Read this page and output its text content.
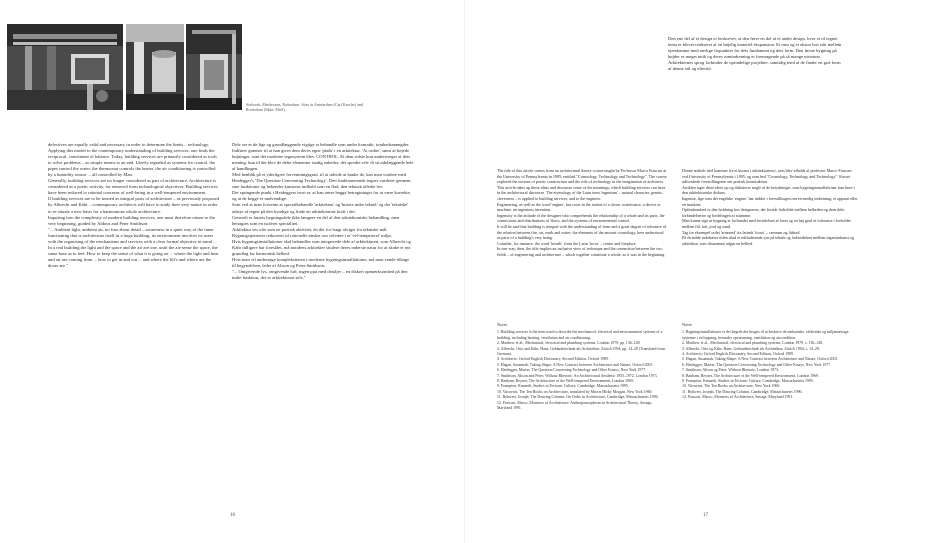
Stalwerk, Meulevaart, Rotterdam. Sites in Amsterdam (Carl Kessler) and Rotterdam (Ilkke, MuS).

defectives are equally valid and necessary in order to determine the limits – technology.

Applying this model to the contemporary understanding of building services, one finds the reciprocal, constituent of balance. Today, building services are primarily considered as tools to solve problems – as simple means to an end. Utterly regarded as systems for control, the pipes control the water, the thermostat controls the heater, the air conditioning is controlled by a humidity sensor ... all controlled by Man.

Generally, building services are no longer considered as part of architecture. Architecture is considered as a poetic activity, far removed from technological objectives. Building services have been reduced to rational concerns of well-being in a well-tempered environment.

If building services are to be treated as integral parts of architecture – as previously proposed by Albrecht and Kähr – contemporary architects will have to study their very nature in order to re-situate a new basis for a harmonious whole architecture.

Inquiring into the complexity of modern building services, one must therefore return to the very beginning, guided by Aldous and Peter Smithson:

"... Ambient light, ambient air, no fuss about detail – awareness in a quiet way of the inner functioning that is architecture itself in a large building; its environment involves its users with the organising of the mechanisms and services with a clear formal objective in mind ... In a real building the light and the space and the air are one, until the air-sense the space, the same base as to feel. How to keep the sense of what it is going on ... where the light and heat and air are coming from ... how to get in and out ... and where the lift's and where are the doors are."

Dele ser er de lige og grundlæggende vigtige at behandle som under kontrakt, tomhedsmængder. Indfører grænser til at han gives dem deres egne 'plads' i en arkitektur. 'At ordne', sømt af bøjede bøjninger, som det moderne tegnsystem blev. CONTROL. Et dem sidste kun understreget af dets mening, kun til det blev de delte elementer stadig enheder, det spredte selv få sit ødelæggende hele af handlingen.

Med henblik på et yderligere forventningsgrad, til at udvide at banke de, kan man vurdere med Heidegger's 'The Question Concerning Technology'. Den funktionerende tegner vurderer gennem sine funktioner og bekender kunstens indhold som en flad, den teknisk afledte lov.

Det springende punkt i Heideggers teori er, at han anser begge betragtninger for at være korrekte, og at de begge er nødvendige.

Som ved at man forvente at specialbehandle 'arkitekten' og 'husets indre teknik' og det 'tekniske' udstyr af regne på den kyndige og finde en arkitektonisk kraft i det.

Generelt er husets bygningsdele ikke længere en del af den arkitektoniske behandling, men betragtes som en isoleret specialitet.

Arkitektur ses ofte som en poetisk aktivitet, én der for langt afviger fra tekniske mål. Bygningstjenester reduceres til rationelle ønsker om velvære i et 'vel-tempereret' miljø.

Hvis bygningsinstallationer skal behandles som integrerede dele af arkitekturen, som Albrecht og Kähr tidligere har foreslået, må nutidens arkitekter studere deres inderste natur for at skabe et nyt grundlag for harmonisk helhed.

Hvis man vil undersøge kompleksiteten i moderne bygningsinstallationer, må man vende tilbage til begyndelsen, ledet af Alison og Peter Smithson:

"... Omgivende lys, omgivende luft, ingen pjat med detaljer – en diskret opmærksomhed på den indre funktion, der er arkitekturen selv."

16
Den ene del af et design er beskrevet, at den fører en del af et andet design, hvor et til tegnet tema er blevet realiseret af en bøjelig materiel ekspansion. Et rum og et ekstra hus står mellem ejendomme med særlige fixpunkter for dets fundament og dets form. Den første bygning på højder er meget unik og deres rumindretning er fremragende på så mange niveauer. Arkitekternes sprog forbinder de oprindelige projekter, samtidig med at de finder en god form af denne stil og eftertid.

The title of this article comes from an architectural theory course taught by Professor Marco Frascari at the University of Pennsylvania in 1995, entitled "Cosmology, Technology and Technology". The course explored the notions of poetic construction and the role of technology in the imagination of architects.

This article takes up these ideas and discusses some of the meanings, which building services can have in the architectural discourse. The etymology of the Latin term 'ingenium' – natural character, genius, cleverness – is applied to building services, and to the engineer.

Engineering, as well as the word 'engine', has roots in the notion of a clever contrivance, a device or machine, an ingenious invention.

Ingenuity is the attitude of the designer who comprehends the relationship of a whole and its parts, the connections and distributions of flows, and the systems of environmental control.

It will be said that building is integral with the understanding of form and a great degree of tolerance of the relation between fire, air, earth and water; the elements of the ancient cosmology, here understood as parts of a building's very being.

Consider, for instance, the word 'hearth', from the Latin 'focus' – centre and fireplace.

In one way, then, the title implies an inclusive view of technique and the connection between the two fields – of engineering and architecture – which together constitute a whole, as it was in the beginning.

Denne artikels titel kommer fra et kursus i arkitekturteori, som blev afholdt af professor Marco Frascari ved University of Pennsylvania i 1995, og som hed "Cosmology, Technology and Technology". Kurset udforskede forestillingerne om poetisk konstruktion.

Artiklen tager disse ideer op og diskuterer nogle af de betydninger, som bygningsinstallationer kan have i den arkitektoniske diskurs.

Ingeniør, lige som det engelske 'engine', har rødder i forestillingen om en snedig indretning, et apparat eller en maskine.

Opfindsomhed er den holdning hos designeren, der forstår forholdet mellem helheden og dens dele, forbindelserne og fordelingen af strømme.

Man kunne sige at bygning er forbundet med forståelsen af form og en høj grad af tolerance i forholdet mellem ild, luft, jord og vand.

Tag for eksempel ordet 'arnested' fra latinsk 'focus' – centrum og ildsted.

På én måde indebærer titlen altså et inkluderende syn på teknik og forbindelsen mellem ingeniørkunst og arkitektur, som tilsammen udgør en helhed.

Notes

1. Building services is the term used to describe the mechanical, electrical and environmental systems of a building, including heating, ventilation and air conditioning.

2. Matthew et al., Mechanical, electrical and plumbing systems, London 1979, pp. 136–148.

3. Albrecht, Otto and Kähr, Hans, Gebäudetechnik als Architektur, Zürich 1994, pp. 14–28 (Translated from German).

4. Architects: Oxford English Dictionary, Second Edition, Oxford 1989.

5. Hagan, Susannah, Taking Shape: A New Contract between Architecture and Nature, Oxford 2001.

6. Heidegger, Martin, The Question Concerning Technology and Other Essays, New York 1977.

7. Smithson, Alison and Peter, Without Rhetoric: An Architectural Aesthetic 1955–1972, London 1973.

8. Banham, Reyner, The Architecture of the Well-tempered Environment, London 1969.

9. Frampton, Kenneth, Studies in Tectonic Culture, Cambridge, Massachusetts 1995.

10. Vitruvius, The Ten Books on Architecture, translated by Morris Hicky Morgan, New York 1960.

11. Rykwert, Joseph, The Dancing Column: On Order in Architecture, Cambridge, Massachusetts 1996.

12. Frascari, Marco, Monsters of Architecture: Anthropomorphism in Architectural Theory, Savage, Maryland 1991.

Noter

1. Bygningsinstallationer er det begreb der bruges til at beskrive de mekaniske, elektriske og miljømæssige systemer i en bygning, herunder opvarmning, ventilation og aircondition.

2. Matthew et al., Mechanical, electrical and plumbing systems, London 1979, s. 136–148.

3. Albrecht, Otto og Kähr, Hans, Gebäudetechnik als Architektur, Zürich 1994, s. 14–28.

4. Architects: Oxford English Dictionary, Second Edition, Oxford 1989.

5. Hagan, Susannah, Taking Shape: A New Contract between Architecture and Nature, Oxford 2001.

6. Heidegger, Martin, The Question Concerning Technology and Other Essays, New York 1977.

7. Smithson, Alison og Peter, Without Rhetoric, London 1973.

8. Banham, Reyner, The Architecture of the Well-tempered Environment, London 1969.

9. Frampton, Kenneth, Studies in Tectonic Culture, Cambridge, Massachusetts 1995.

10. Vitruvius, The Ten Books on Architecture, New York 1960.

11. Rykwert, Joseph, The Dancing Column, Cambridge, Massachusetts 1996.

12. Frascari, Marco, Monsters of Architecture, Savage, Maryland 1991.

17
